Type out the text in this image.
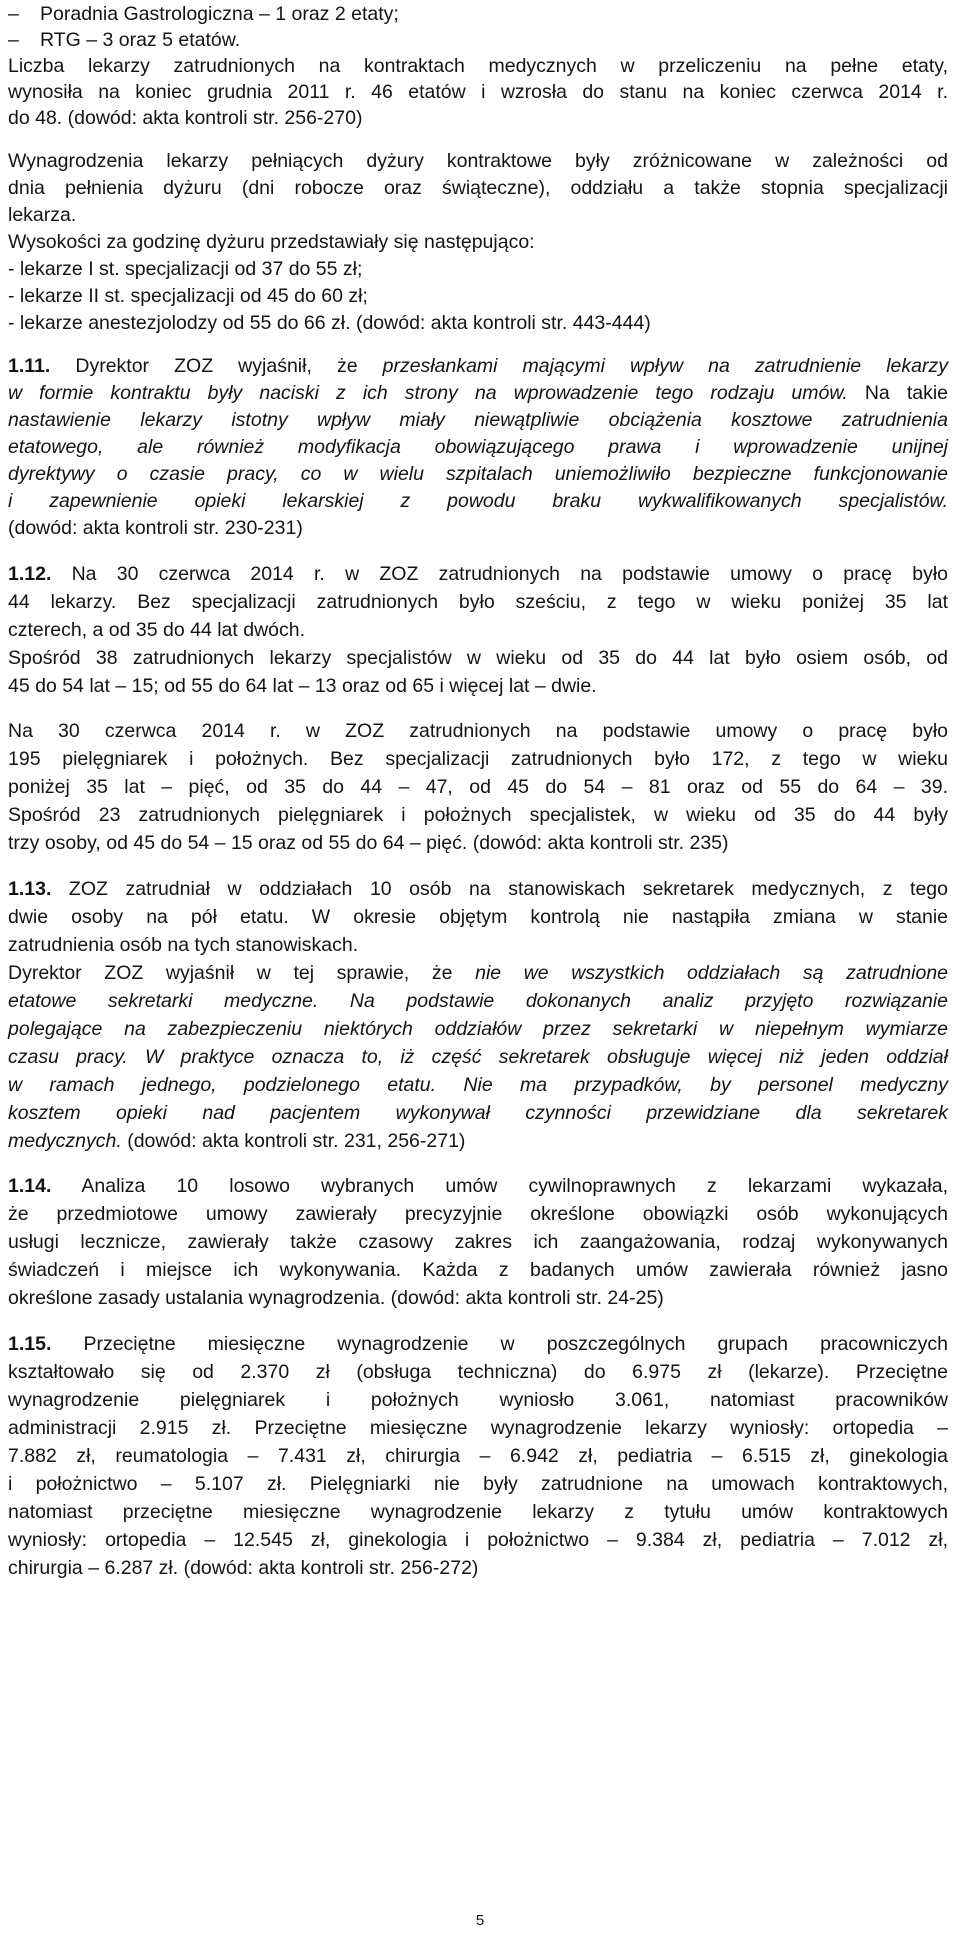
–	Poradnia Gastrologiczna – 1 oraz 2 etaty;
–	RTG – 3 oraz 5 etatów.
Liczba lekarzy zatrudnionych na kontraktach medycznych w przeliczeniu na pełne etaty,
wynosiła na koniec grudnia 2011 r. 46 etatów i wzrosła do stanu na koniec czerwca 2014 r.
do 48. (dowód: akta kontroli str. 256-270)
Wynagrodzenia lekarzy pełniących dyżury kontraktowe były zróżnicowane w zależności od
dnia pełnienia dyżuru (dni robocze oraz świąteczne), oddziału a także stopnia specjalizacji
lekarza.
Wysokości za godzinę dyżuru przedstawiały się następująco:
- lekarze I st. specjalizacji od 37 do 55 zł;
- lekarze II st. specjalizacji od 45 do 60 zł;
- lekarze anestezjolodzy od 55 do 66 zł. (dowód: akta kontroli str. 443-444)
1.11. Dyrektor ZOZ wyjaśnił, że przesłankami mającymi wpływ na zatrudnienie lekarzy
w formie kontraktu były naciski z ich strony na wprowadzenie tego rodzaju umów. Na takie
nastawienie lekarzy istotny wpływ miały niewątpliwie obciążenia kosztowe zatrudnienia
etatowego, ale również modyfikacja obowiązującego prawa i wprowadzenie unijnej
dyrektywy o czasie pracy, co w wielu szpitalach uniemożliwiło bezpieczne funkcjonowanie
i zapewnienie opieki lekarskiej z powodu braku wykwalifikowanych specjalistów.
(dowód: akta kontroli str. 230-231)
1.12. Na 30 czerwca 2014 r. w ZOZ zatrudnionych na podstawie umowy o pracę było
44 lekarzy. Bez specjalizacji zatrudnionych było sześciu, z tego w wieku poniżej 35 lat
czterech, a od 35 do 44 lat dwóch.
Spośród 38 zatrudnionych lekarzy specjalistów w wieku od 35 do 44 lat było osiem osób, od
45 do 54 lat – 15; od 55 do 64 lat – 13 oraz od 65 i więcej lat – dwie.
Na 30 czerwca 2014 r. w ZOZ zatrudnionych na podstawie umowy o pracę było
195 pielęgniarek i położnych. Bez specjalizacji zatrudnionych było 172, z tego w wieku
poniżej 35 lat – pięć, od 35 do 44 – 47, od 45 do 54 – 81 oraz od 55 do 64 – 39.
Spośród 23 zatrudnionych pielęgniarek i położnych specjalistek, w wieku od 35 do 44 były
trzy osoby, od 45 do 54 – 15 oraz od 55 do 64 – pięć. (dowód: akta kontroli str. 235)
1.13. ZOZ zatrudniał w oddziałach 10 osób na stanowiskach sekretarek medycznych, z tego
dwie osoby na pół etatu. W okresie objętym kontrolą nie nastąpiła zmiana w stanie
zatrudnienia osób na tych stanowiskach.
Dyrektor ZOZ wyjaśnił w tej sprawie, że nie we wszystkich oddziałach są zatrudnione
etatowe sekretarki medyczne. Na podstawie dokonanych analiz przyjęto rozwiązanie
polegające na zabezpieczeniu niektórych oddziałów przez sekretarki w niepełnym wymiarze
czasu pracy. W praktyce oznacza to, iż część sekretarek obsługuje więcej niż jeden oddział
w ramach jednego, podzielonego etatu. Nie ma przypadków, by personel medyczny
kosztem opieki nad pacjentem wykonywał czynności przewidziane dla sekretarek
medycznych. (dowód: akta kontroli str. 231, 256-271)
1.14. Analiza 10 losowo wybranych umów cywilnoprawnych z lekarzami wykazała,
że przedmiotowe umowy zawierały precyzyjnie określone obowiązki osób wykonujących
usługi lecznicze, zawierały także czasowy zakres ich zaangażowania, rodzaj wykonywanych
świadczeń i miejsce ich wykonywania. Każda z badanych umów zawierała również jasno
określone zasady ustalania wynagrodzenia. (dowód: akta kontroli str. 24-25)
1.15. Przeciętne miesięczne wynagrodzenie w poszczególnych grupach pracowniczych
kształtowało się od 2.370 zł (obsługa techniczna) do 6.975 zł (lekarze). Przeciętne
wynagrodzenie pielęgniarek i położnych wyniosło 3.061, natomiast pracowników
administracji 2.915 zł. Przeciętne miesięczne wynagrodzenie lekarzy wyniosły: ortopedia –
7.882 zł, reumatologia – 7.431 zł, chirurgia – 6.942 zł, pediatria – 6.515 zł, ginekologia
i położnictwo – 5.107 zł. Pielęgniarki nie były zatrudnione na umowach kontraktowych,
natomiast przeciętne miesięczne wynagrodzenie lekarzy z tytułu umów kontraktowych
wyniosły: ortopedia – 12.545 zł, ginekologia i położnictwo – 9.384 zł, pediatria – 7.012 zł,
chirurgia – 6.287 zł. (dowód: akta kontroli str. 256-272)
5
